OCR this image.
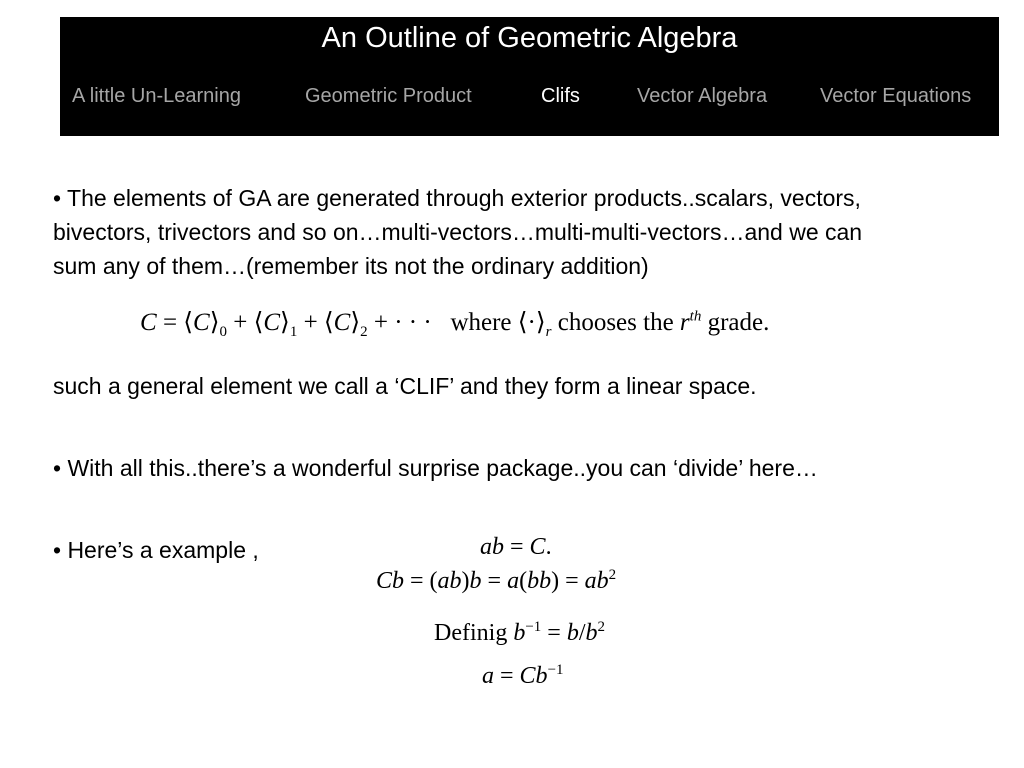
An Outline of Geometric Algebra
A little Un-Learning	Geometric Product	Clifs	Vector Algebra	Vector Equations
• The elements of GA are generated through exterior products..scalars, vectors,
bivectors, trivectors and so on…multi-vectors…multi-multi-vectors…and we can
sum any of them…(remember its not the ordinary addition)
$C = ⟨C⟩_0$ + $⟨C⟩_1$ + $⟨C⟩_2$ + · · ·   where $⟨\cdot⟩_r$ chooses the $r^{th}$ grade.
such a general element we call a ‘CLIF’ and they form a linear space.
• With all this..there’s a wonderful surprise package..you can ‘divide’ here…
• Here’s a example ,	ab = C.
$Cb = (ab)b = a(bb) = ab^2$
Definig $b^{-1} = b/b^2$
$a = Cb^{-1}$
